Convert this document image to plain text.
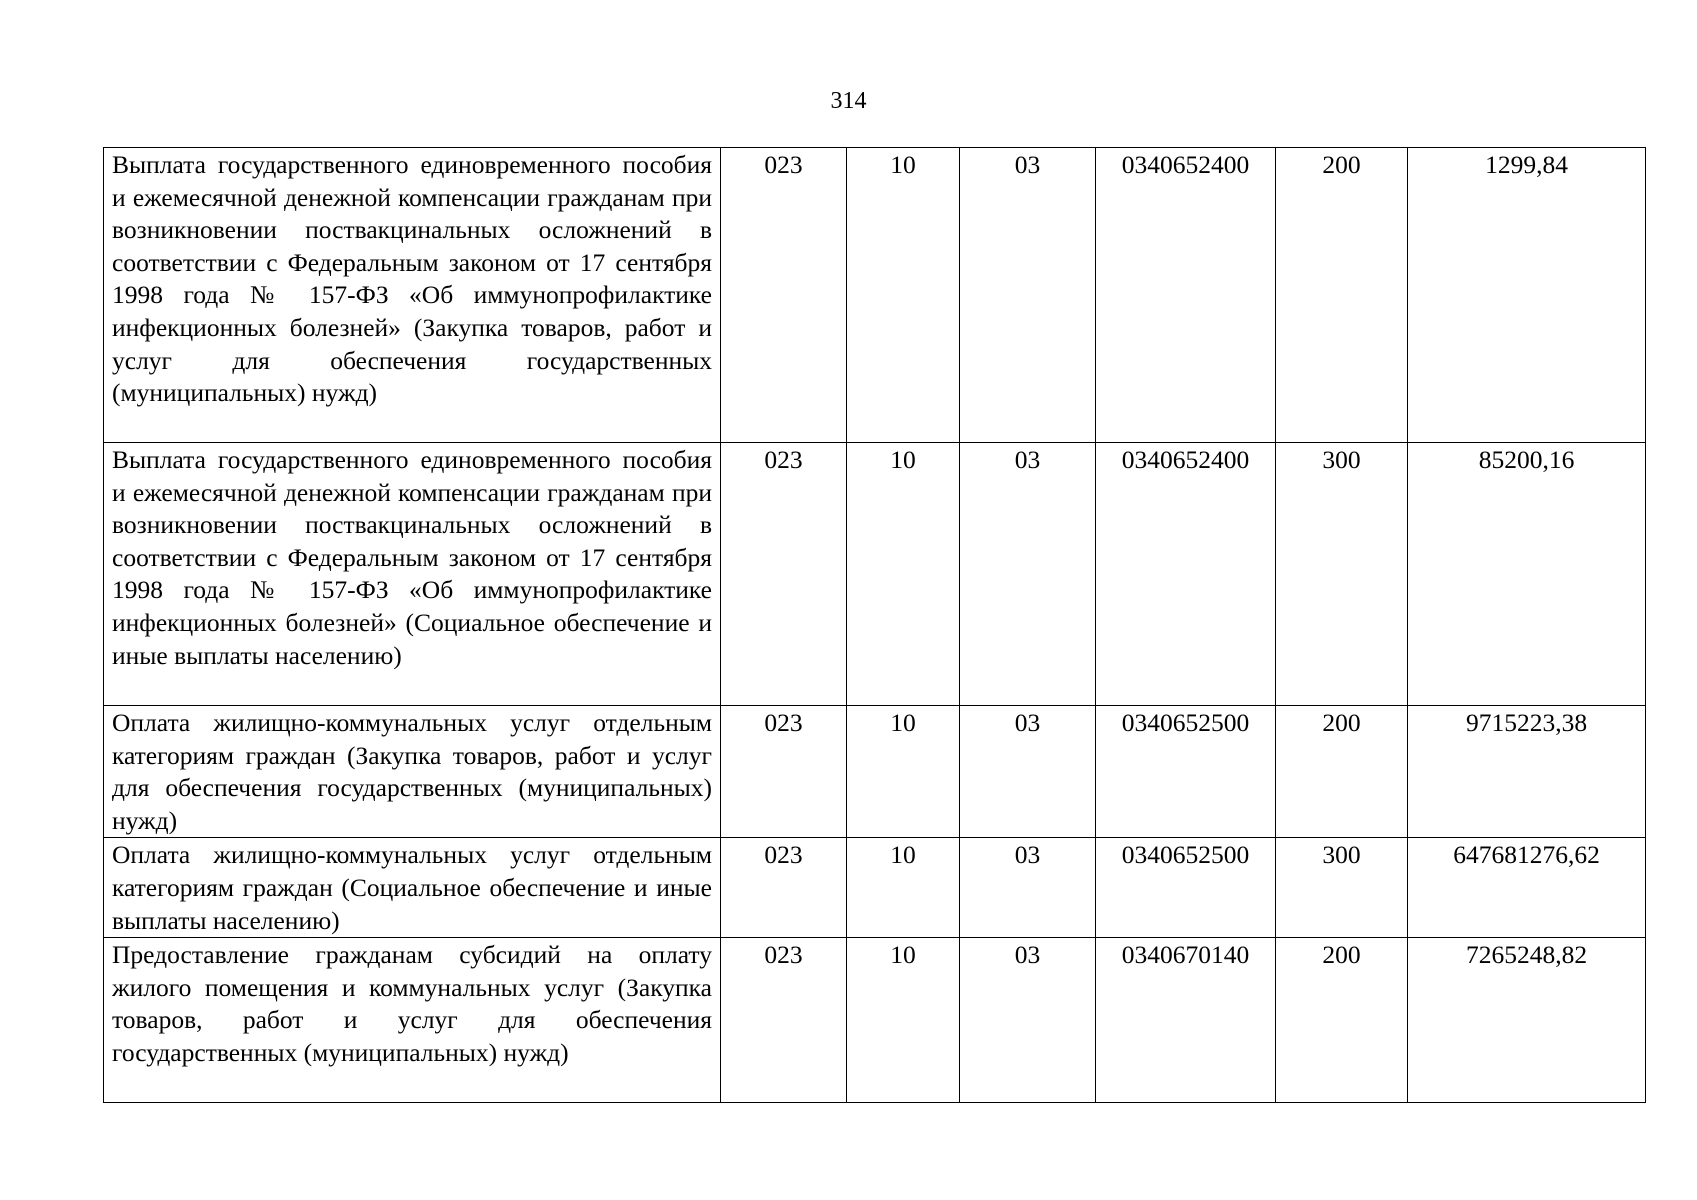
314
Выплата государственного единовременного пособия и ежемесячной денежной компенсации гражданам при возникновении поствакцинальных осложнений в соответствии с Федеральным законом от 17 сентября 1998 года № 157-ФЗ «Об иммунопрофилактике инфекционных болезней» (Закупка товаров, работ и услуг для обеспечения государственных (муниципальных) нужд)	023	10	03	0340652400	200	1299,84
Выплата государственного единовременного пособия и ежемесячной денежной компенсации гражданам при возникновении поствакцинальных осложнений в соответствии с Федеральным законом от 17 сентября 1998 года № 157-ФЗ «Об иммунопрофилактике инфекционных болезней» (Социальное обеспечение и иные выплаты населению)	023	10	03	0340652400	300	85200,16
Оплата жилищно-коммунальных услуг отдельным категориям граждан (Закупка товаров, работ и услуг для обеспечения государственных (муниципальных) нужд)	023	10	03	0340652500	200	9715223,38
Оплата жилищно-коммунальных услуг отдельным категориям граждан (Социальное обеспечение и иные выплаты населению)	023	10	03	0340652500	300	647681276,62
Предоставление гражданам субсидий на оплату жилого помещения и коммунальных услуг (Закупка товаров, работ и услуг для обеспечения государственных (муниципальных) нужд)	023	10	03	0340670140	200	7265248,82
